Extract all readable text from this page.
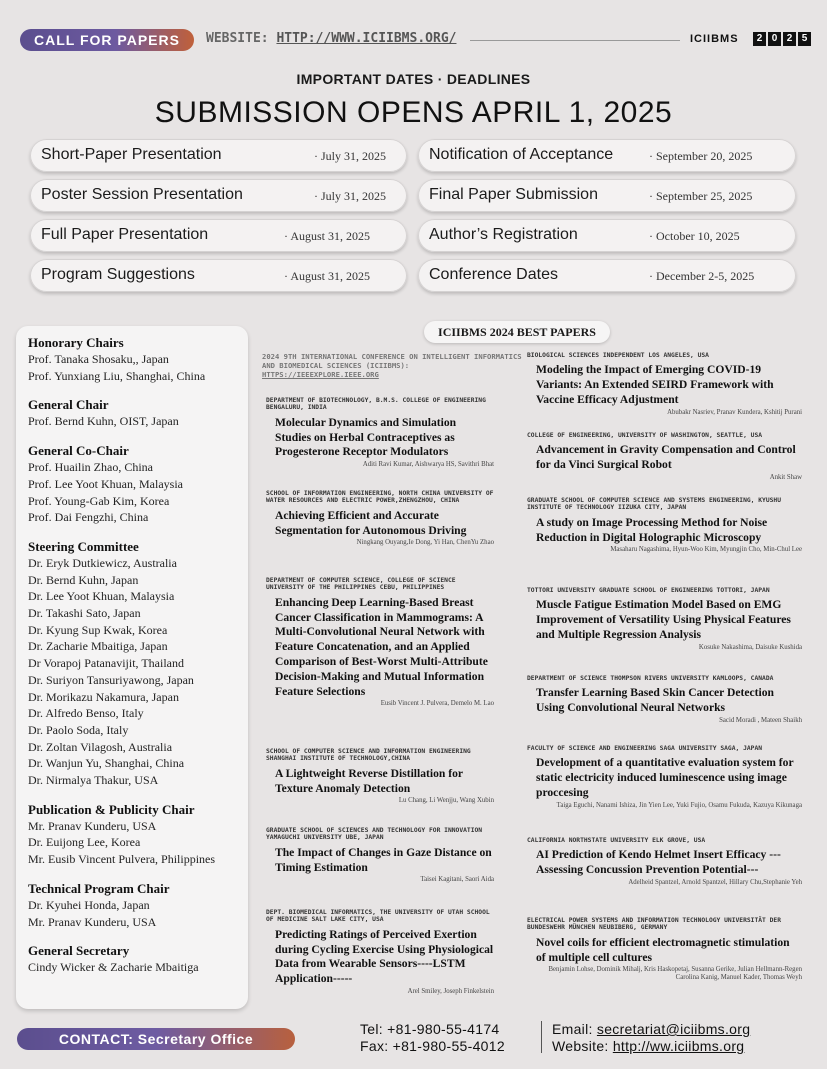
CALL FOR PAPERS	WEBSITE: HTTP://WWW.ICIIBMS.ORG/	ICIIBMS	2 0 2 5
IMPORTANT DATES · DEADLINES
SUBMISSION OPENS APRIL 1, 2025
Short-Paper Presentation	· July 31, 2025
Poster Session Presentation	· July 31, 2025
Full Paper Presentation	· August 31, 2025
Program Suggestions	· August 31, 2025
Notification of Acceptance	· September 20, 2025
Final Paper Submission	· September 25, 2025
Author’s Registration	· October 10, 2025
Conference Dates	· December 2-5, 2025
Honorary Chairs
Prof. Tanaka Shosaku,, Japan
Prof. Yunxiang Liu, Shanghai, China
General Chair
Prof. Bernd Kuhn, OIST, Japan
General Co-Chair
Prof. Huailin Zhao, China
Prof. Lee Yoot Khuan, Malaysia
Prof. Young-Gab Kim, Korea
Prof. Dai Fengzhi, China
Steering Committee
Dr. Eryk Dutkiewicz, Australia
Dr. Bernd Kuhn, Japan
Dr. Lee Yoot Khuan, Malaysia
Dr. Takashi Sato, Japan
Dr. Kyung Sup Kwak, Korea
Dr. Zacharie Mbaitiga, Japan
Dr Vorapoj Patanavijit, Thailand
Dr. Suriyon Tansuriyawong, Japan
Dr. Morikazu Nakamura, Japan
Dr. Alfredo Benso, Italy
Dr. Paolo Soda, Italy
Dr. Zoltan Vilagosh, Australia
Dr. Wanjun Yu, Shanghai, China
Dr. Nirmalya Thakur, USA
Publication & Publicity Chair
Mr. Pranav Kunderu, USA
Dr. Euijong Lee, Korea
Mr. Eusib Vincent Pulvera, Philippines
Technical Program Chair
Dr. Kyuhei Honda, Japan
Mr. Pranav Kunderu, USA
General Secretary
Cindy Wicker & Zacharie Mbaitiga
ICIIBMS 2024 BEST PAPERS
2024 9TH INTERNATIONAL CONFERENCE ON INTELLIGENT INFORMATICS AND BIOMEDICAL SCIENCES (ICIIBMS): HTTPS://IEEEXPLORE.IEEE.ORG
DEPARTMENT OF BIOTECHNOLOGY, B.M.S. COLLEGE OF ENGINEERING BENGALURU, INDIA
Molecular Dynamics and Simulation Studies on Herbal Contraceptives as Progesterone Receptor Modulators
Aditi Ravi Kumar, Aishwarya HS, Savithri Bhat
SCHOOL OF INFORMATION ENGINEERING, NORTH CHINA UNIVERSITY OF WATER RESOURCES AND ELECTRIC POWER,ZHENGZHOU, CHINA
Achieving Efficient and Accurate Segmentation for Autonomous Driving
Ningkang Ouyang,Ie Dong, Yi Han, ChenYu Zhao
DEPARTMENT OF COMPUTER SCIENCE, COLLEGE OF SCIENCE UNIVERSITY OF THE PHILIPPINES CEBU, PHILIPPINES
Enhancing Deep Learning-Based Breast Cancer Classification in Mammograms: A Multi-Convolutional Neural Network with Feature Concatenation, and an Applied Comparison of Best-Worst Multi-Attribute Decision-Making and Mutual Information Feature Selections
Eusib Vincent J. Pulvera, Demelo M. Lao
SCHOOL OF COMPUTER SCIENCE AND INFORMATION ENGINEERING SHANGHAI INSTITUTE OF TECHNOLOGY,CHINA
A Lightweight Reverse Distillation for Texture Anomaly Detection
Lu Chang, Li Wenjju, Wang Xubin
GRADUATE SCHOOL OF SCIENCES AND TECHNOLOGY FOR INNOVATION YAMAGUCHI UNIVERSITY UBE, JAPAN
The Impact of Changes in Gaze Distance on Timing Estimation
Taisei Kagitani, Saori Aida
DEPT. BIOMEDICAL INFORMATICS, THE UNIVERSITY OF UTAH SCHOOL OF MEDICINE SALT LAKE CITY, USA
Predicting Ratings of Perceived Exertion during Cycling Exercise Using Physiological Data from Wearable Sensors----LSTM Application-----
Arel Smiley, Joseph Finkelstein
BIOLOGICAL SCIENCES INDEPENDENT LOS ANGELES, USA
Modeling the Impact of Emerging COVID-19 Variants: An Extended SEIRD Framework with Vaccine Efficacy Adjustment
Abubakr Nasriev, Pranav Kundera, Kshitij Purani
COLLEGE OF ENGINEERING, UNIVERSITY OF WASHINGTON, SEATTLE, USA
Advancement in Gravity Compensation and Control for da Vinci Surgical Robot
Ankit Shaw
GRADUATE SCHOOL OF COMPUTER SCIENCE AND SYSTEMS ENGINEERING, KYUSHU INSTITUTE OF TECHNOLOGY IIZUKA CITY, JAPAN
A study on Image Processing Method for Noise Reduction in Digital Holographic Microscopy
Masaharu Nagashima, Hyun-Woo Kim, Myungjin Cho, Min-Chul Lee
TOTTORI UNIVERSITY GRADUATE SCHOOL OF ENGINEERING TOTTORI, JAPAN
Muscle Fatigue Estimation Model Based on EMG Improvement of Versatility Using Physical Features and Multiple Regression Analysis
Kosuke Nakashima, Daisuke Kushida
DEPARTMENT OF SCIENCE THOMPSON RIVERS UNIVERSITY KAMLOOPS, CANADA
Transfer Learning Based Skin Cancer Detection Using Convolutional Neural Networks
Sacid Moradi , Mateen Shaikh
FACULTY OF SCIENCE AND ENGINEERING SAGA UNIVERSITY SAGA, JAPAN
Development of a quantitative evaluation system for static electricity induced luminescence using image proccesing
Taiga Eguchi, Nanami Ishiza, Jin Yien Lee, Yuki Fujio, Osamu Fukuda, Kazuya Kikunaga
CALIFORNIA NORTHSTATE UNIVERSITY ELK GROVE, USA
AI Prediction of Kendo Helmet Insert Efficacy ---Assessing Concussion Prevention Potential---
Adelheid Spantzel, Arnold Spantzel, Hillary Chu,Stephanie Yeh
ELECTRICAL POWER SYSTEMS AND INFORMATION TECHNOLOGY UNIVERSITÄT DER BUNDESWEHR MÜNCHEN NEUBIBERG, GERMANY
Novel coils for efficient electromagnetic stimulation of multiple cell cultures
Benjamin Lohse, Dominik Mihalj, Kris Haskopetaj, Susanna Gerike, Julian Hellmann-Regen Carolina Kanig, Manuel Kader, Thomas Weyh
CONTACT: Secretary Office
Tel: +81-980-55-4174
Fax: +81-980-55-4012
Email: secretariat@iciibms.org
Website: http://ww.iciibms.org
